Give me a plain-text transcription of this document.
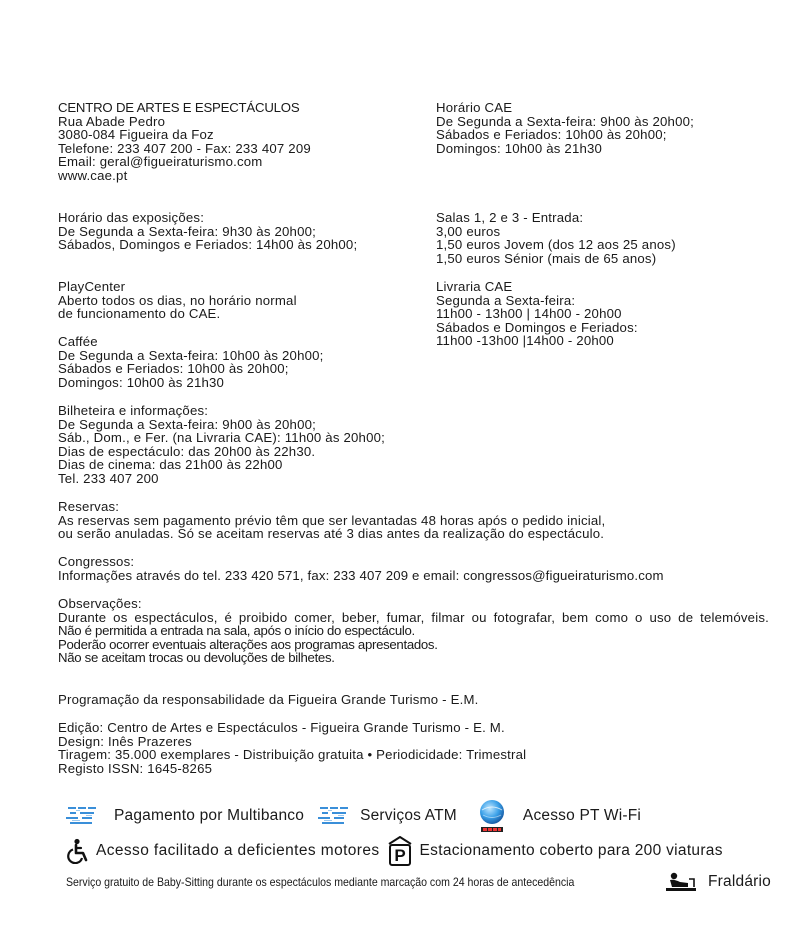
CENTRO DE ARTES E ESPECTÁCULOS
Rua Abade Pedro
3080-084 Figueira da Foz
Telefone: 233 407 200 - Fax: 233 407 209
Email: geral@figueiraturismo.com
www.cae.pt
Horário CAE
De Segunda a Sexta-feira: 9h00 às 20h00;
Sábados e Feriados: 10h00 às 20h00;
Domingos: 10h00 às 21h30
Horário das exposições:
De Segunda a Sexta-feira: 9h30 às 20h00;
Sábados, Domingos e Feriados: 14h00 às 20h00;
Salas 1, 2 e 3 - Entrada:
3,00 euros
1,50 euros Jovem (dos 12 aos 25 anos)
1,50 euros Sénior (mais de 65 anos)
PlayCenter
Aberto todos os dias, no horário normal
de funcionamento do CAE.
Livraria CAE
Segunda a Sexta-feira:
11h00 - 13h00 | 14h00 - 20h00
Sábados e Domingos e Feriados:
11h00 -13h00 |14h00 - 20h00
Caffée
De Segunda a Sexta-feira: 10h00 às 20h00;
Sábados e Feriados: 10h00 às 20h00;
Domingos: 10h00 às 21h30
Bilheteira e informações:
De Segunda a Sexta-feira: 9h00 às 20h00;
Sáb., Dom., e Fer. (na Livraria CAE): 11h00 às 20h00;
Dias de espectáculo: das 20h00 às 22h30.
Dias de cinema: das 21h00 às 22h00
Tel. 233 407 200
Reservas:
As reservas sem pagamento prévio têm que ser levantadas 48 horas após o pedido inicial,
ou serão anuladas. Só se aceitam reservas até 3 dias antes da realização do espectáculo.
Congressos:
Informações através do tel. 233 420 571, fax: 233 407 209 e email: congressos@figueiraturismo.com
Observações:
Durante os espectáculos, é proibido comer, beber, fumar, filmar ou fotografar, bem como o uso de telemóveis.
Não é permitida a entrada na sala, após o início do espectáculo.
Poderão ocorrer eventuais alterações aos programas apresentados.
Não se aceitam trocas ou devoluções de bilhetes.
Programação da responsabilidade da Figueira Grande Turismo - E.M.
Edição: Centro de Artes e Espectáculos - Figueira Grande Turismo - E. M.
Design: Inês Prazeres
Tiragem: 35.000 exemplares - Distribuição gratuita • Periodicidade: Trimestral
Registo ISSN: 1645-8265
Pagamento por Multibanco	Serviços ATM	Acesso PT Wi-Fi
Acesso facilitado a deficientes motores P Estacionamento coberto para 200 viaturas
Serviço gratuito de Baby-Sitting durante os espectáculos mediante marcação com 24 horas de antecedência	Fraldário
